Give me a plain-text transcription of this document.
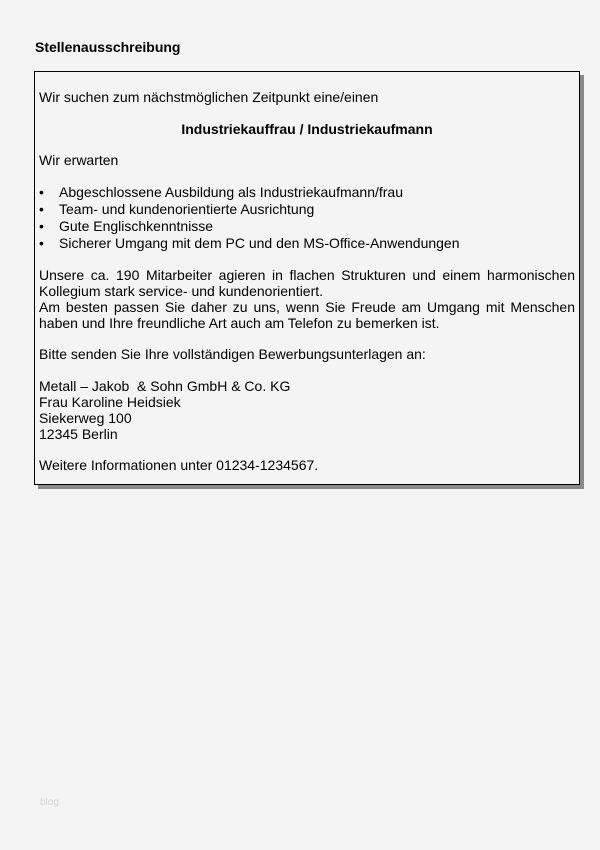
Stellenausschreibung
Wir suchen zum nächstmöglichen Zeitpunkt eine/einen
Industriekauffrau / Industriekaufmann
Wir erwarten
• Abgeschlossene Ausbildung als Industriekaufmann/frau
• Team- und kundenorientierte Ausrichtung
• Gute Englischkenntnisse
• Sicherer Umgang mit dem PC und den MS-Office-Anwendungen
Unsere ca. 190 Mitarbeiter agieren in flachen Strukturen und einem harmonischen
Kollegium stark service- und kundenorientiert.
Am besten passen Sie daher zu uns, wenn Sie Freude am Umgang mit Menschen
haben und Ihre freundliche Art auch am Telefon zu bemerken ist.
Bitte senden Sie Ihre vollständigen Bewerbungsunterlagen an:
Metall – Jakob  & Sohn GmbH & Co. KG
Frau Karoline Heidsiek
Siekerweg 100
12345 Berlin
Weitere Informationen unter 01234-1234567.
blog
